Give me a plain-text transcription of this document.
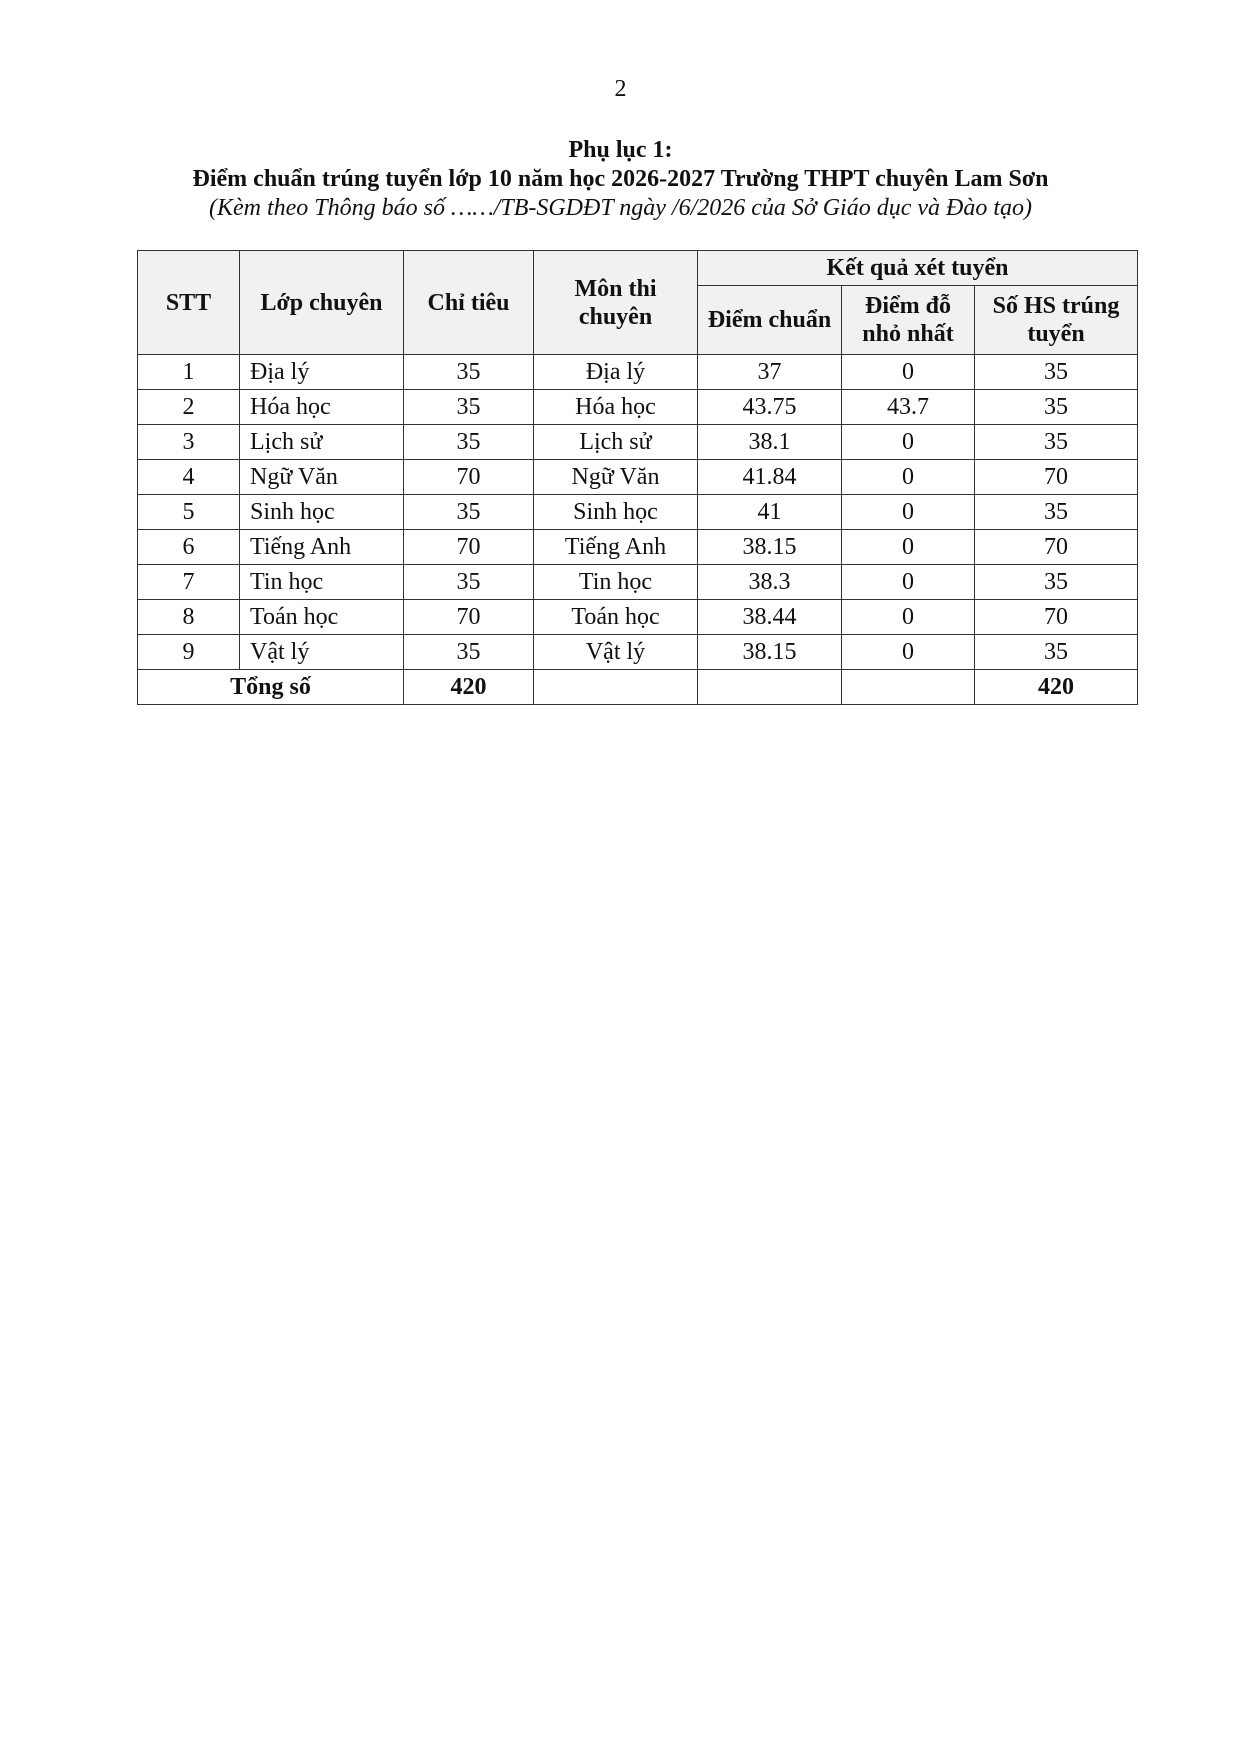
2
Phụ lục 1:
Điểm chuẩn trúng tuyển lớp 10 năm học 2026-2027 Trường THPT chuyên Lam Sơn
(Kèm theo Thông báo số ……/TB-SGDĐT ngày /6/2026 của Sở Giáo dục và Đào tạo)
STT	Lớp chuyên	Chỉ tiêu	Môn thi chuyên	Kết quả xét tuyển		
				Điểm chuẩn	Điểm đỗ nhỏ nhất	Số HS trúng tuyển
1	Địa lý	35	Địa lý	37	0	35
2	Hóa học	35	Hóa học	43.75	43.7	35
3	Lịch sử	35	Lịch sử	38.1	0	35
4	Ngữ Văn	70	Ngữ Văn	41.84	0	70
5	Sinh học	35	Sinh học	41	0	35
6	Tiếng Anh	70	Tiếng Anh	38.15	0	70
7	Tin học	35	Tin học	38.3	0	35
8	Toán học	70	Toán học	38.44	0	70
9	Vật lý	35	Vật lý	38.15	0	35
Tổng số		420				420
